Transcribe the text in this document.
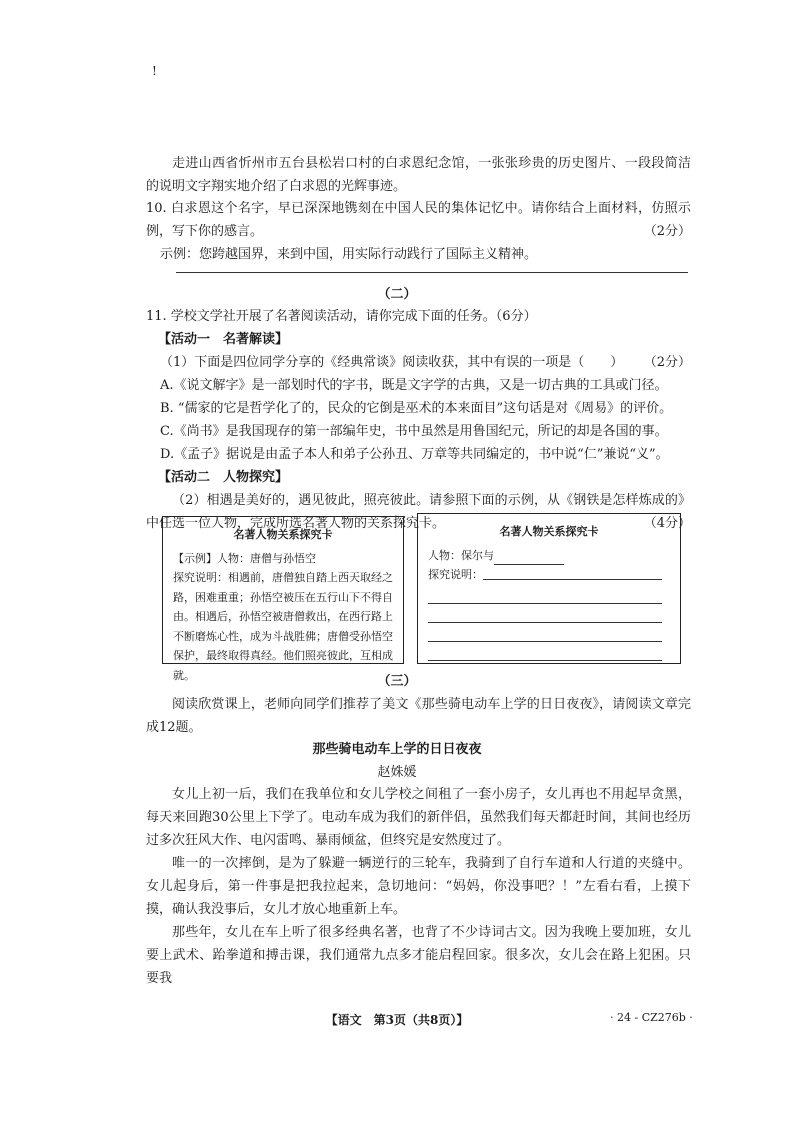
!
走进山西省忻州市五台县松岩口村的白求恩纪念馆，一张张珍贵的历史图片、一段段简洁的说明文字翔实地介绍了白求恩的光辉事迹。
10. 白求恩这个名字，早已深深地镌刻在中国人民的集体记忆中。请你结合上面材料，仿照示例，写下你的感言。	（2分）
示例：您跨越国界，来到中国，用实际行动践行了国际主义精神。
（二）
11. 学校文学社开展了名著阅读活动，请你完成下面的任务。（6分）
【活动一　名著解读】
（1）下面是四位同学分享的《经典常谈》阅读收获，其中有误的一项是（　　） （2分）
A.《说文解字》是一部划时代的字书，既是文字学的古典，又是一切古典的工具或门径。
B. “儒家的它是哲学化了的，民众的它倒是巫术的本来面目”这句话是对《周易》的评价。
C.《尚书》是我国现存的第一部编年史，书中虽然是用鲁国纪元，所记的却是各国的事。
D.《孟子》据说是由孟子本人和弟子公孙丑、万章等共同编定的，书中说“仁”兼说“义”。
【活动二　人物探究】
（2）相遇是美好的，遇见彼此，照亮彼此。请参照下面的示例，从《钢铁是怎样炼成的》中任选一位人物，完成所选名著人物的关系探究卡。	（4分）
名著人物关系探究卡
【示例】人物：唐僧与孙悟空
探究说明：相遇前，唐僧独自踏上西天取经之路，困难重重；孙悟空被压在五行山下不得自由。相遇后，孙悟空被唐僧救出，在西行路上不断磨炼心性，成为斗战胜佛；唐僧受孙悟空保护，最终取得真经。他们照亮彼此，互相成就。
名著人物关系探究卡
人物：保尔与
探究说明：
（三）
阅读欣赏课上，老师向同学们推荐了美文《那些骑电动车上学的日日夜夜》，请阅读文章完成12题。
那些骑电动车上学的日日夜夜
赵姝媛
女儿上初一后，我们在我单位和女儿学校之间租了一套小房子，女儿再也不用起早贪黑，每天来回跑30公里上下学了。电动车成为我们的新伴侣，虽然我们每天都赶时间，其间也经历过多次狂风大作、电闪雷鸣、暴雨倾盆，但终究是安然度过了。
唯一的一次摔倒，是为了躲避一辆逆行的三轮车，我骑到了自行车道和人行道的夹缝中。女儿起身后，第一件事是把我拉起来，急切地问：“妈妈，你没事吧？！”左看右看，上摸下摸，确认我没事后，女儿才放心地重新上车。
那些年，女儿在车上听了很多经典名著，也背了不少诗词古文。因为我晚上要加班，女儿要上武术、跆拳道和搏击课，我们通常九点多才能启程回家。很多次，女儿会在路上犯困。只要我
【语文　第3页（共8页）】	· 24 - CZ276b ·
